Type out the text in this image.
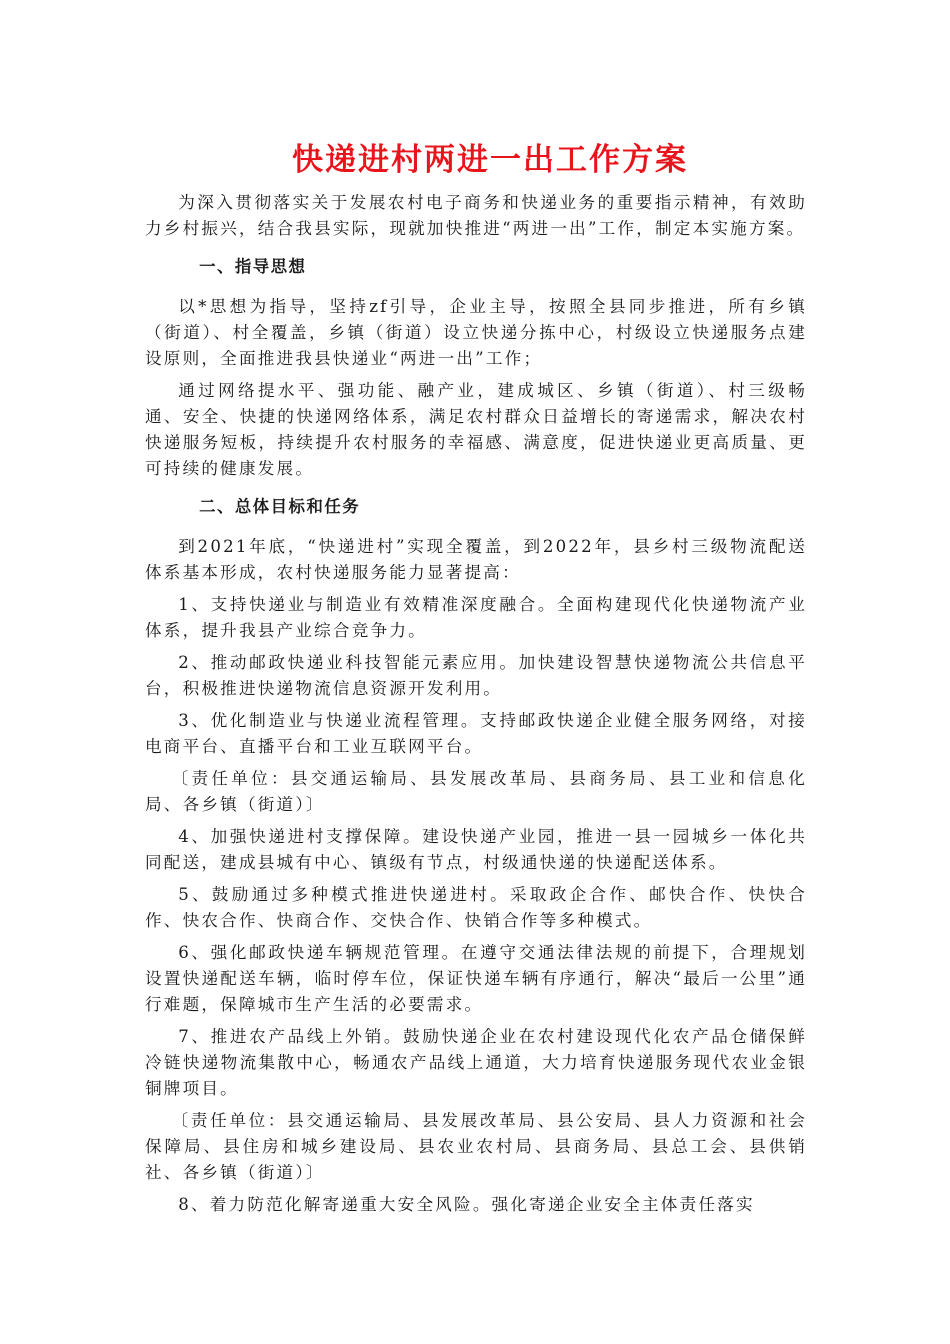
快递进村两进一出工作方案

为深入贯彻落实关于发展农村电子商务和快递业务的重要指示精神，有效助力乡村振兴，结合我县实际，现就加快推进“两进一出”工作，制定本实施方案。

一、指导思想

以*思想为指导，坚持zf引导，企业主导，按照全县同步推进，所有乡镇（街道）、村全覆盖，乡镇（街道）设立快递分拣中心，村级设立快递服务点建设原则，全面推进我县快递业“两进一出”工作；

通过网络提水平、强功能、融产业，建成城区、乡镇（街道）、村三级畅通、安全、快捷的快递网络体系，满足农村群众日益增长的寄递需求，解决农村快递服务短板，持续提升农村服务的幸福感、满意度，促进快递业更高质量、更可持续的健康发展。

二、总体目标和任务

到2021年底，“快递进村”实现全覆盖，到2022年，县乡村三级物流配送体系基本形成，农村快递服务能力显著提高：

1、支持快递业与制造业有效精准深度融合。全面构建现代化快递物流产业体系，提升我县产业综合竞争力。

2、推动邮政快递业科技智能元素应用。加快建设智慧快递物流公共信息平台，积极推进快递物流信息资源开发利用。

3、优化制造业与快递业流程管理。支持邮政快递企业健全服务网络，对接电商平台、直播平台和工业互联网平台。

〔责任单位：县交通运输局、县发展改革局、县商务局、县工业和信息化局、各乡镇（街道）〕

4、加强快递进村支撑保障。建设快递产业园，推进一县一园城乡一体化共同配送，建成县城有中心、镇级有节点，村级通快递的快递配送体系。

5、鼓励通过多种模式推进快递进村。采取政企合作、邮快合作、快快合作、快农合作、快商合作、交快合作、快销合作等多种模式。

6、强化邮政快递车辆规范管理。在遵守交通法律法规的前提下，合理规划设置快递配送车辆，临时停车位，保证快递车辆有序通行，解决“最后一公里”通行难题，保障城市生产生活的必要需求。

7、推进农产品线上外销。鼓励快递企业在农村建设现代化农产品仓储保鲜冷链快递物流集散中心，畅通农产品线上通道，大力培育快递服务现代农业金银铜牌项目。

〔责任单位：县交通运输局、县发展改革局、县公安局、县人力资源和社会保障局、县住房和城乡建设局、县农业农村局、县商务局、县总工会、县供销社、各乡镇（街道）〕

8、着力防范化解寄递重大安全风险。强化寄递企业安全主体责任落实
